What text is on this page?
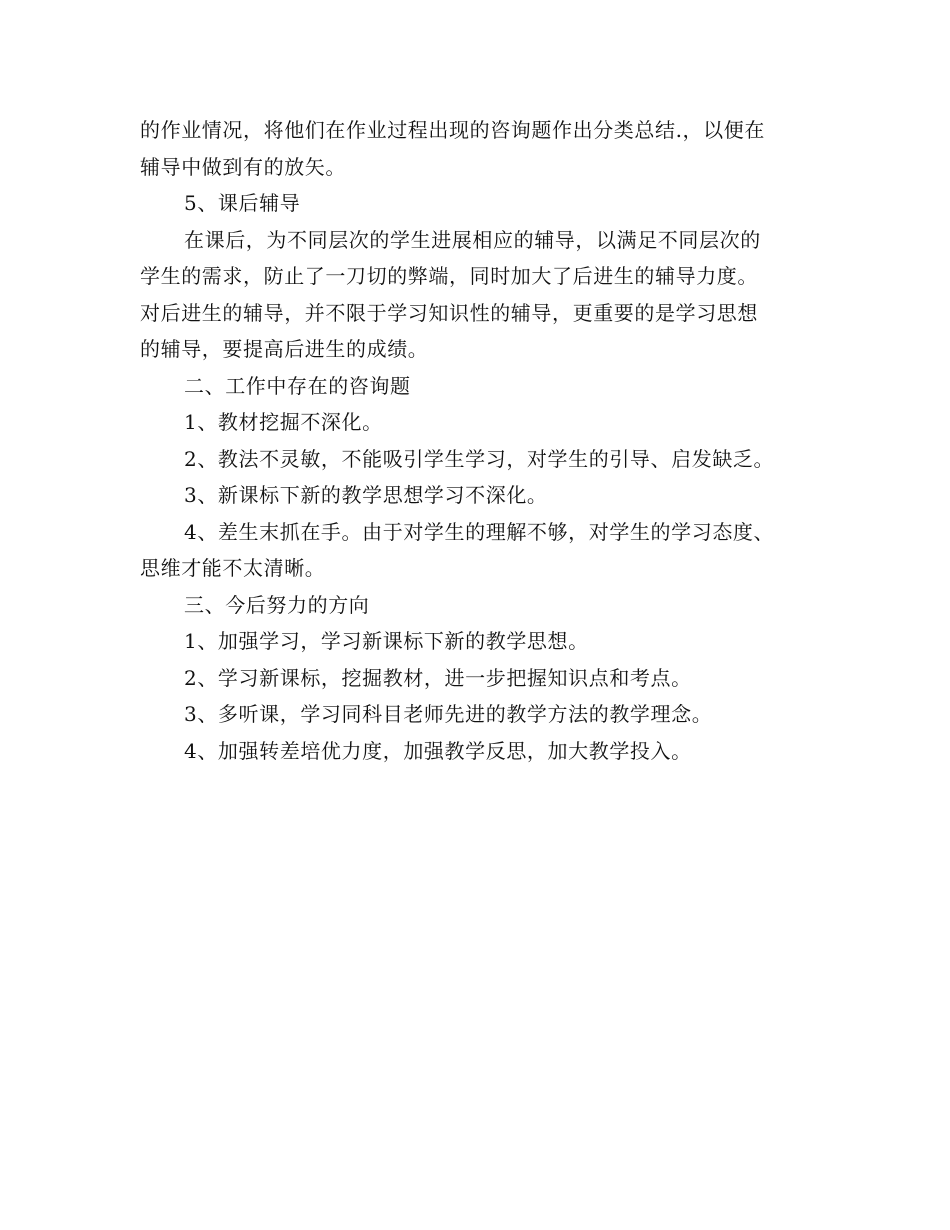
的作业情况，将他们在作业过程出现的咨询题作出分类总结.，以便在
辅导中做到有的放矢。

5、课后辅导

在课后，为不同层次的学生进展相应的辅导，以满足不同层次的
学生的需求，防止了一刀切的弊端，同时加大了后进生的辅导力度。
对后进生的辅导，并不限于学习知识性的辅导，更重要的是学习思想
的辅导，要提高后进生的成绩。

二、工作中存在的咨询题

1、教材挖掘不深化。

2、教法不灵敏，不能吸引学生学习，对学生的引导、启发缺乏。

3、新课标下新的教学思想学习不深化。

4、差生末抓在手。由于对学生的理解不够，对学生的学习态度、
思维才能不太清晰。

三、今后努力的方向

1、加强学习，学习新课标下新的教学思想。

2、学习新课标，挖掘教材，进一步把握知识点和考点。

3、多听课，学习同科目老师先进的教学方法的教学理念。

4、加强转差培优力度，加强教学反思，加大教学投入。
